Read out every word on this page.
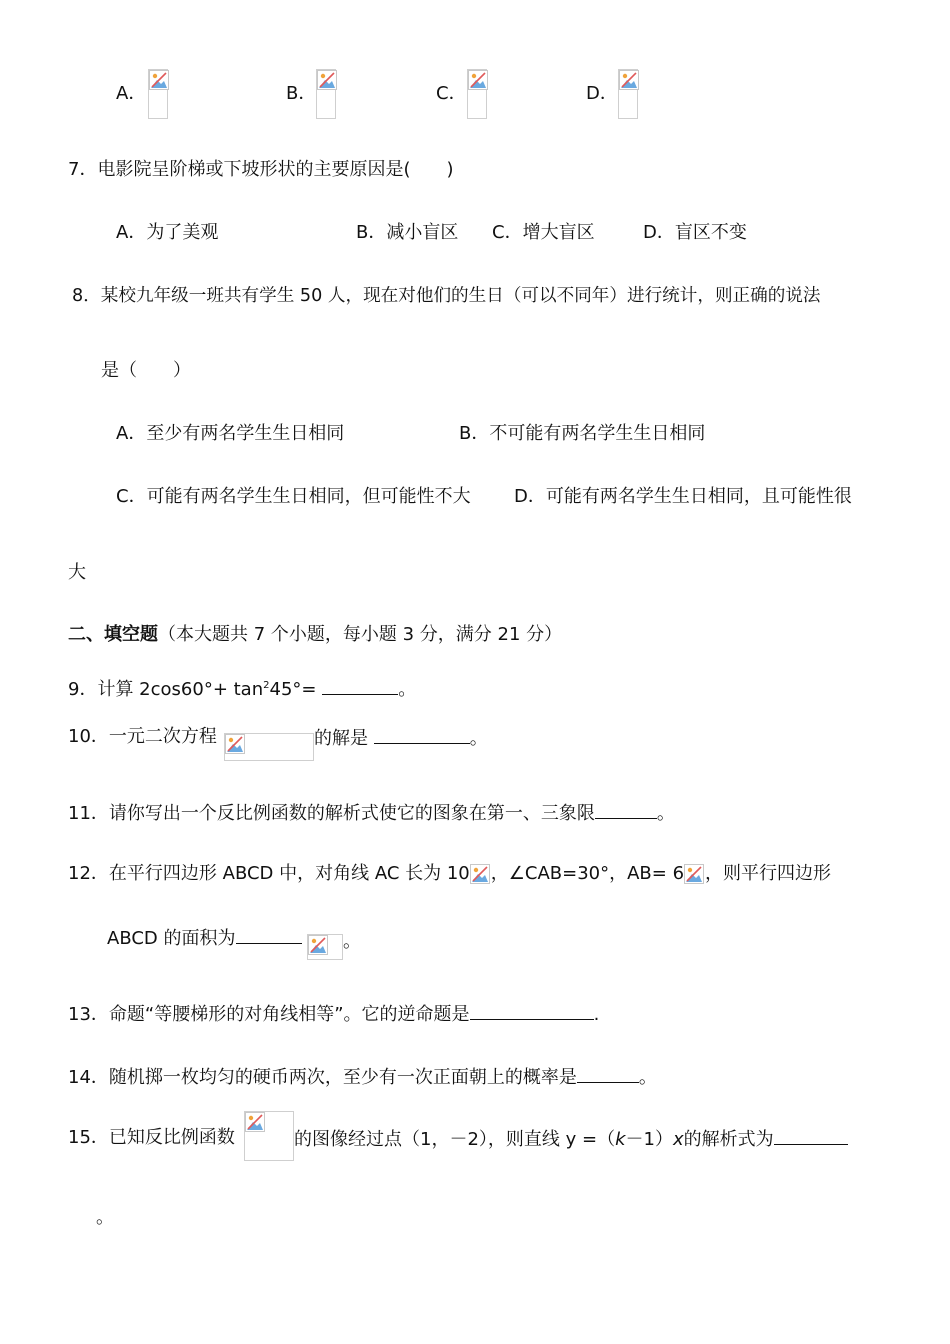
A．	B．	C．	D．
7．电影院呈阶梯或下坡形状的主要原因是(　　)
A．为了美观	B．减小盲区 C．增大盲区	D．盲区不变
8．某校九年级一班共有学生 50 人，现在对他们的生日（可以不同年）进行统计，则正确的说法
是（　　）
A．至少有两名学生生日相同	B．不可能有两名学生生日相同
C．可能有两名学生生日相同，但可能性不大 D．可能有两名学生生日相同，且可能性很
大
二、填空题（本大题共 7 个小题，每小题 3 分，满分 21 分）
9．计算 $2\cos 60^\circ+ \tan^245^\circ=$	。
10．一元二次方程	的解是	。
11．请你写出一个反比例函数的解析式使它的图象在第一、三象限	。
12．在平行四边形 ABCD 中，对角线 AC 长为 10 ，∠CAB=30°，AB= 6 ，则平行四边形
ABCD 的面积为	。
13．命题“等腰梯形的对角线相等”。它的逆命题是	.
14．随机掷一枚均匀的硬币两次，至少有一次正面朝上的概率是	。
15．已知反比例函数	的图像经过点（1，－2），则直线 y =（k－1）x的解析式为
。
